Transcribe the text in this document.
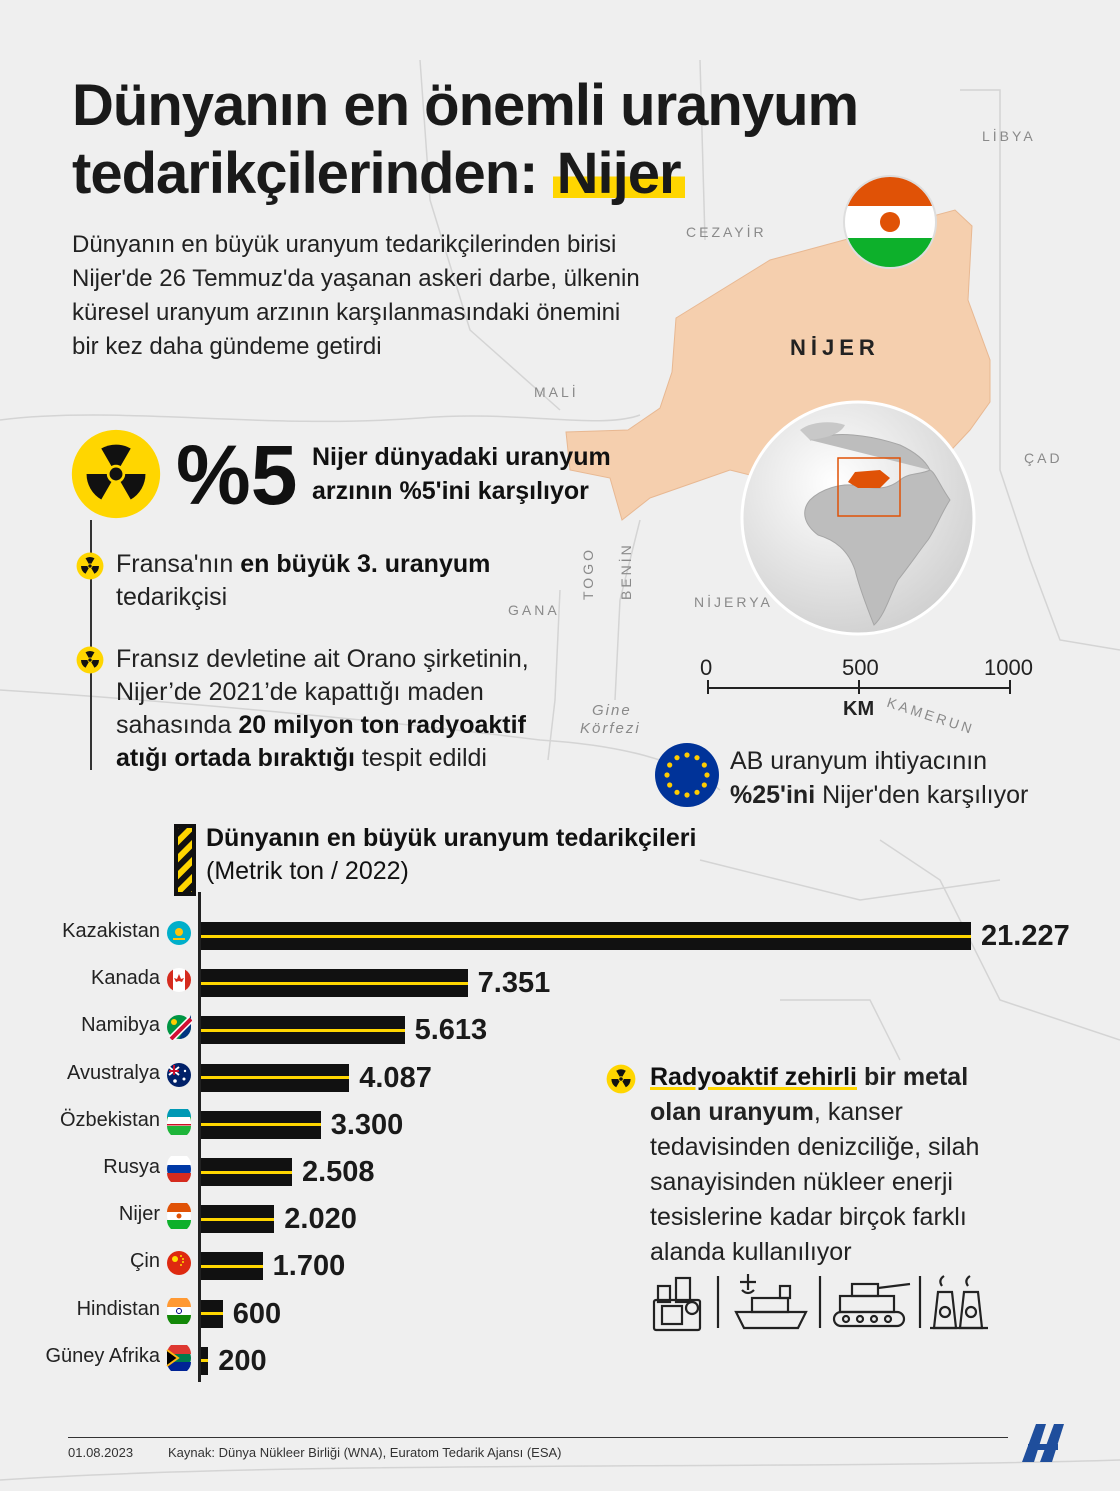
LİBYA
CEZAYİR
NİJER
MALİ
ÇAD
GANA
TOGO BENİN
NİJERYA
KAMERUN
Gine
Körfezi
0	500	1000
KM
Dünyanın en önemli uranyum
tedarikçilerinden: Nijer
Dünyanın en büyük uranyum tedarikçilerinden birisi Nijer'de 26 Temmuz'da yaşanan askeri darbe, ülkenin küresel uranyum arzının karşılanmasındaki önemini bir kez daha gündeme getirdi
%5 Nijer dünyadaki uranyum
arzının %5'ini karşılıyor
Fransa'nın en büyük 3. uranyum
tedarikçisi
Fransız devletine ait Orano şirketinin,
Nijer’de 2021’de kapattığı maden
sahasında 20 milyon ton radyoaktif
atığı ortada bıraktığı tespit edildi	AB uranyum ihtiyacının
%25'ini Nijer'den karşılıyor
Dünyanın en büyük uranyum tedarikçileri
(Metrik ton / 2022)
Kazakistan	21.227
Kanada	7.351
Namibya	5.613
Avustralya	4.087
Özbekistan	3.300
Rusya	2.508
Nijer	2.020
Çin	1.700
Hindistan	600
Güney Afrika 200
Radyoaktif zehirli bir metal
olan uranyum, kanser
tedavisinden denizciliğe, silah
sanayisinden nükleer enerji
tesislerine kadar birçok farklı
alanda kullanılıyor
01.08.2023	Kaynak: Dünya Nükleer Birliği (WNA), Euratom Tedarik Ajansı (ESA)
